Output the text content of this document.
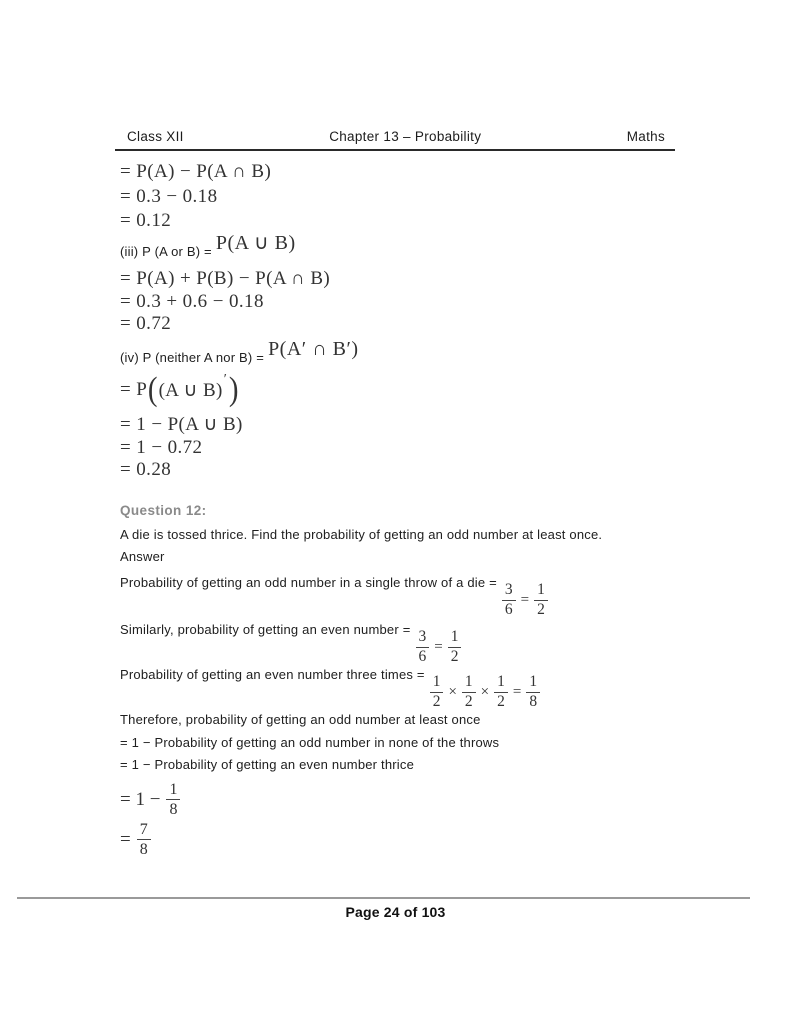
Class XII	Chapter 13 – Probability	Maths
= P(A) − P(A ∩ B)
= 0.3 − 0.18
= 0.12
(iii) P (A or B) = P(A ∪ B)
= P(A) + P(B) − P(A ∩ B)
= 0.3 + 0.6 − 0.18
= 0.72
(iv) P (neither A nor B) = P(A′ ∩ B′)
= P ( (A ∪ B) ′ )
= 1 − P(A ∪ B)
= 1 − 0.72
= 0.28
Question 12:
A die is tossed thrice. Find the probability of getting an odd number at least once.
Answer
Probability of getting an odd number in a single throw of a die = $\frac{3}{6} = \frac{1}{2}$
Similarly, probability of getting an even number = $\frac{3}{6} = \frac{1}{2}$
Probability of getting an even number three times = $\frac{1}{2} \times \frac{1}{2} \times \frac{1}{2} = \frac{1}{8}$
Therefore, probability of getting an odd number at least once
= 1 − Probability of getting an odd number in none of the throws
= 1 − Probability of getting an even number thrice
= $1 - \frac{1}{8}$
= $\frac{7}{8}$
Page 24 of 103
